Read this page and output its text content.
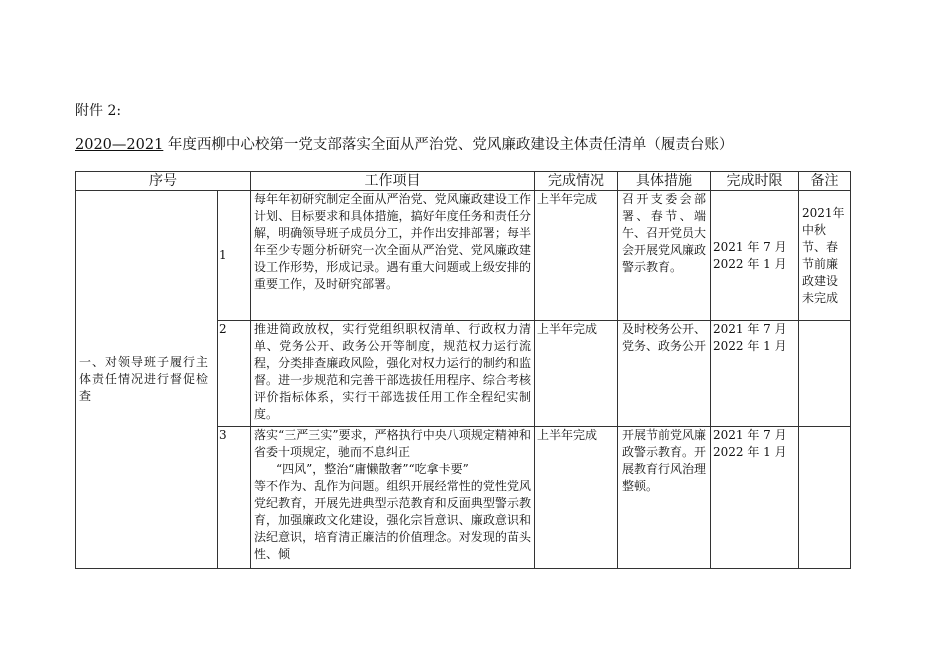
附件 2:
2020—2021 年度西柳中心校第一党支部落实全面从严治党、党风廉政建设主体责任清单（履责台账）
序号		工作项目	完成情况	具体措施	完成时限	备注
一、对领导班子履行主体责任情况进行督促检查	1	每年年初研究制定全面从严治党、党风廉政建设工作计划、目标要求和具体措施，搞好年度任务和责任分解，明确领导班子成员分工，并作出安排部署；每半年至少专题分析研究一次全面从严治党、党风廉政建设工作形势，形成记录。遇有重大问题或上级安排的重要工作，及时研究部署。	上半年完成	召开支委会部署、春节、端午、召开党员大会开展党风廉政警示教育。	2021 年 7 月
2022 年 1 月	2021年中秋节、春节前廉政建设未完成
	2	推进简政放权，实行党组织职权清单、行政权力清单、党务公开、政务公开等制度，规范权力运行流程，分类排查廉政风险，强化对权力运行的制约和监督。进一步规范和完善干部选拔任用程序、综合考核评价指标体系，实行干部选拔任用工作全程纪实制度。	上半年完成	及时校务公开、党务、政务公开	2021 年 7 月
2022 年 1 月	

	3	落实“三严三实”要求，严格执行中央八项规定精神和省委十项规定，驰而不息纠正
“四风”，整治“庸懒散奢”“吃拿卡要”
等不作为、乱作为问题。组织开展经常性的党性党风党纪教育，开展先进典型示范教育和反面典型警示教育，加强廉政文化建设，强化宗旨意识、廉政意识和法纪意识，培育清正廉洁的价值理念。对发现的苗头性、倾	上半年完成	开展节前党风廉政警示教育。开展教育行风治理整顿。	2021 年 7 月
2022 年 1 月	
